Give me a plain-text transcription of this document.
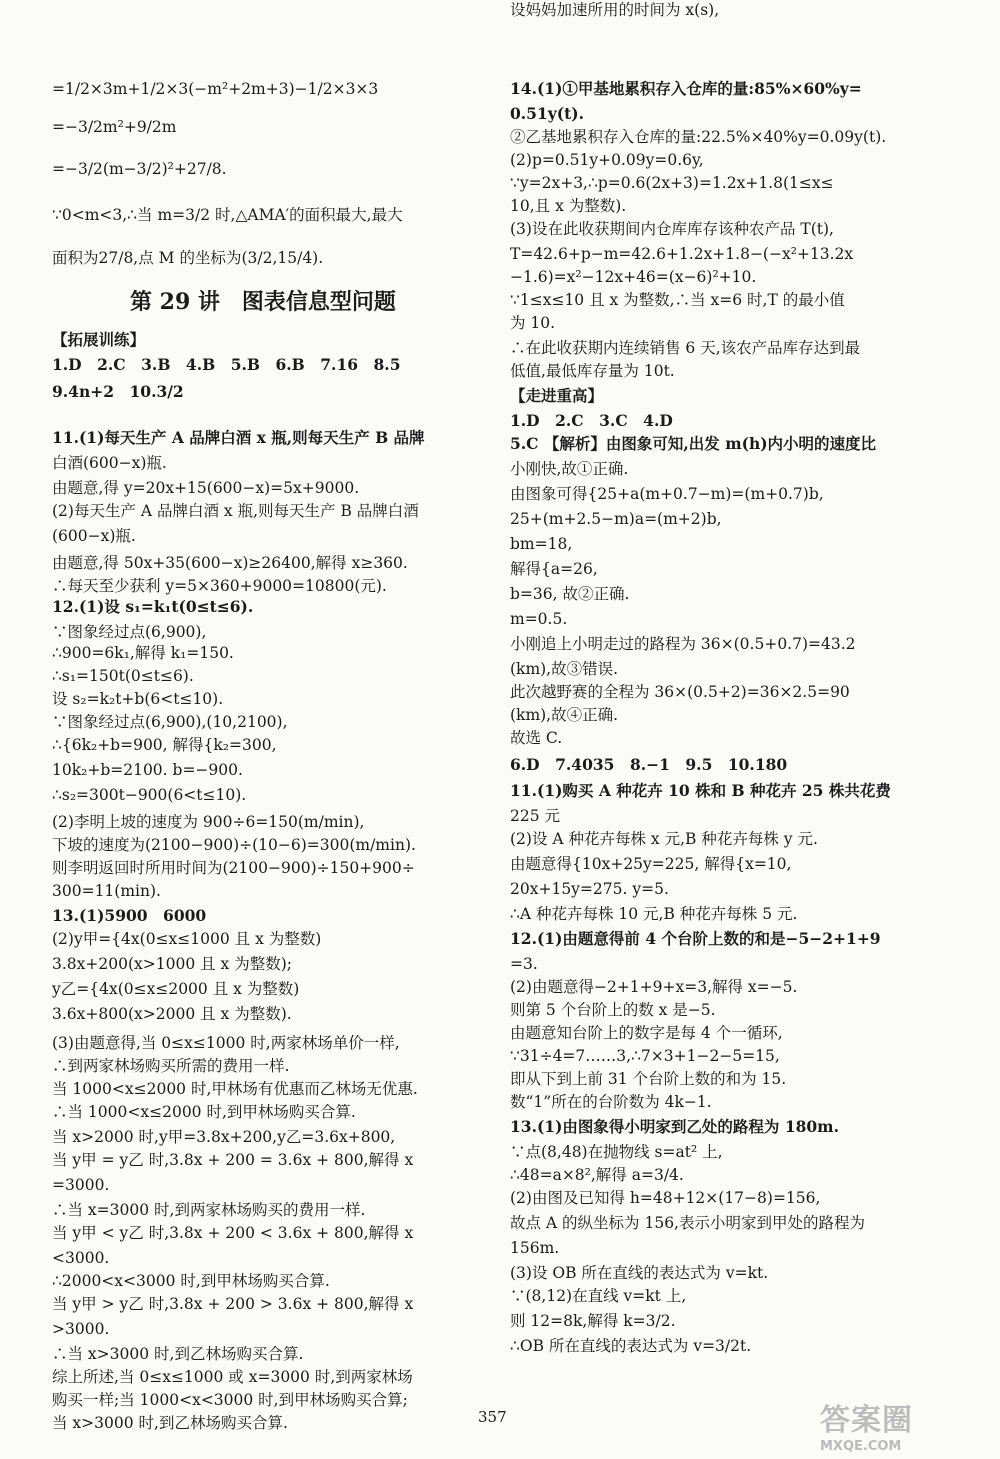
=1/2×3m+1/2×3(−m²+2m+3)−1/2×3×3
=−3/2m²+9/2m
=−3/2(m−3/2)²+27/8.
∵0<m<3,∴当 m=3/2 时,△AMA′的面积最大,最大
面积为27/8,点 M 的坐标为(3/2,15/4).
第 29 讲　图表信息型问题
【拓展训练】
1.D　2.C　3.B　4.B　5.B　6.B　7.16　8.5
9.4n+2　10.3/2
11.(1)每天生产 A 品牌白酒 x 瓶,则每天生产 B 品牌
白酒(600−x)瓶.
由题意,得 y=20x+15(600−x)=5x+9000.
(2)每天生产 A 品牌白酒 x 瓶,则每天生产 B 品牌白酒
(600−x)瓶.
由题意,得 50x+35(600−x)≥26400,解得 x≥360.
∴每天至少获利 y=5×360+9000=10800(元).
12.(1)设 s₁=k₁t(0≤t≤6).
∵图象经过点(6,900),
∴900=6k₁,解得 k₁=150.
∴s₁=150t(0≤t≤6).
设 s₂=k₂t+b(6<t≤10).
∵图象经过点(6,900),(10,2100),
∴{6k₂+b=900, 解得{k₂=300,
10k₂+b=2100. b=−900.
∴s₂=300t−900(6<t≤10).
(2)李明上坡的速度为 900÷6=150(m/min),
下坡的速度为(2100−900)÷(10−6)=300(m/min).
则李明返回时所用时间为(2100−900)÷150+900÷
300=11(min).
13.(1)5900　6000
(2)y甲={4x(0≤x≤1000 且 x 为整数)
3.8x+200(x>1000 且 x 为整数);
y乙={4x(0≤x≤2000 且 x 为整数)
3.6x+800(x>2000 且 x 为整数).
(3)由题意得,当 0≤x≤1000 时,两家林场单价一样,
∴到两家林场购买所需的费用一样.
当 1000<x≤2000 时,甲林场有优惠而乙林场无优惠.
∴当 1000<x≤2000 时,到甲林场购买合算.
当 x>2000 时,y甲=3.8x+200,y乙=3.6x+800,
当 y甲 = y乙 时,3.8x + 200 = 3.6x + 800,解得 x
=3000.
∴当 x=3000 时,到两家林场购买的费用一样.
当 y甲 < y乙 时,3.8x + 200 < 3.6x + 800,解得 x
<3000.
∴2000<x<3000 时,到甲林场购买合算.
当 y甲 > y乙 时,3.8x + 200 > 3.6x + 800,解得 x
>3000.
∴当 x>3000 时,到乙林场购买合算.
综上所述,当 0≤x≤1000 或 x=3000 时,到两家林场
购买一样;当 1000<x<3000 时,到甲林场购买合算;
当 x>3000 时,到乙林场购买合算.
14.(1)①甲基地累积存入仓库的量:85%×60%y=
0.51y(t).
②乙基地累积存入仓库的量:22.5%×40%y=0.09y(t).
(2)p=0.51y+0.09y=0.6y,
∵y=2x+3,∴p=0.6(2x+3)=1.2x+1.8(1≤x≤
10,且 x 为整数).
(3)设在此收获期间内仓库库存该种农产品 T(t),
T=42.6+p−m=42.6+1.2x+1.8−(−x²+13.2x
−1.6)=x²−12x+46=(x−6)²+10.
∵1≤x≤10 且 x 为整数,∴当 x=6 时,T 的最小值
为 10.
∴在此收获期内连续销售 6 天,该农产品库存达到最
低值,最低库存量为 10t.
【走进重高】
1.D　2.C　3.C　4.D
5.C 【解析】由图象可知,出发 m(h)内小明的速度比
小刚快,故①正确.
由图象可得{25+a(m+0.7−m)=(m+0.7)b,
25+(m+2.5−m)a=(m+2)b,
bm=18,
解得{a=26,
b=36, 故②正确.
m=0.5.
小刚追上小明走过的路程为 36×(0.5+0.7)=43.2
(km),故③错误.
此次越野赛的全程为 36×(0.5+2)=36×2.5=90
(km),故④正确.
故选 C.
6.D　7.4035　8.−1　9.5　10.180
11.(1)购买 A 种花卉 10 株和 B 种花卉 25 株共花费
225 元
(2)设 A 种花卉每株 x 元,B 种花卉每株 y 元.
由题意得{10x+25y=225, 解得{x=10,
20x+15y=275. y=5.
∴A 种花卉每株 10 元,B 种花卉每株 5 元.
12.(1)由题意得前 4 个台阶上数的和是−5−2+1+9
=3.
(2)由题意得−2+1+9+x=3,解得 x=−5.
则第 5 个台阶上的数 x 是−5.
由题意知台阶上的数字是每 4 个一循环,
∵31÷4=7……3,∴7×3+1−2−5=15,
即从下到上前 31 个台阶上数的和为 15.
数“1”所在的台阶数为 4k−1.
13.(1)由图象得小明家到乙处的路程为 180m.
∵点(8,48)在抛物线 s=at² 上,
∴48=a×8²,解得 a=3/4.
(2)由图及已知得 h=48+12×(17−8)=156,
故点 A 的纵坐标为 156,表示小明家到甲处的路程为
156m.
(3)设 OB 所在直线的表达式为 v=kt.
∵(8,12)在直线 v=kt 上,
则 12=8k,解得 k=3/2.
∴OB 所在直线的表达式为 v=3/2t.
设妈妈加速所用的时间为 x(s),
357	答案圈
MXQE.COM
